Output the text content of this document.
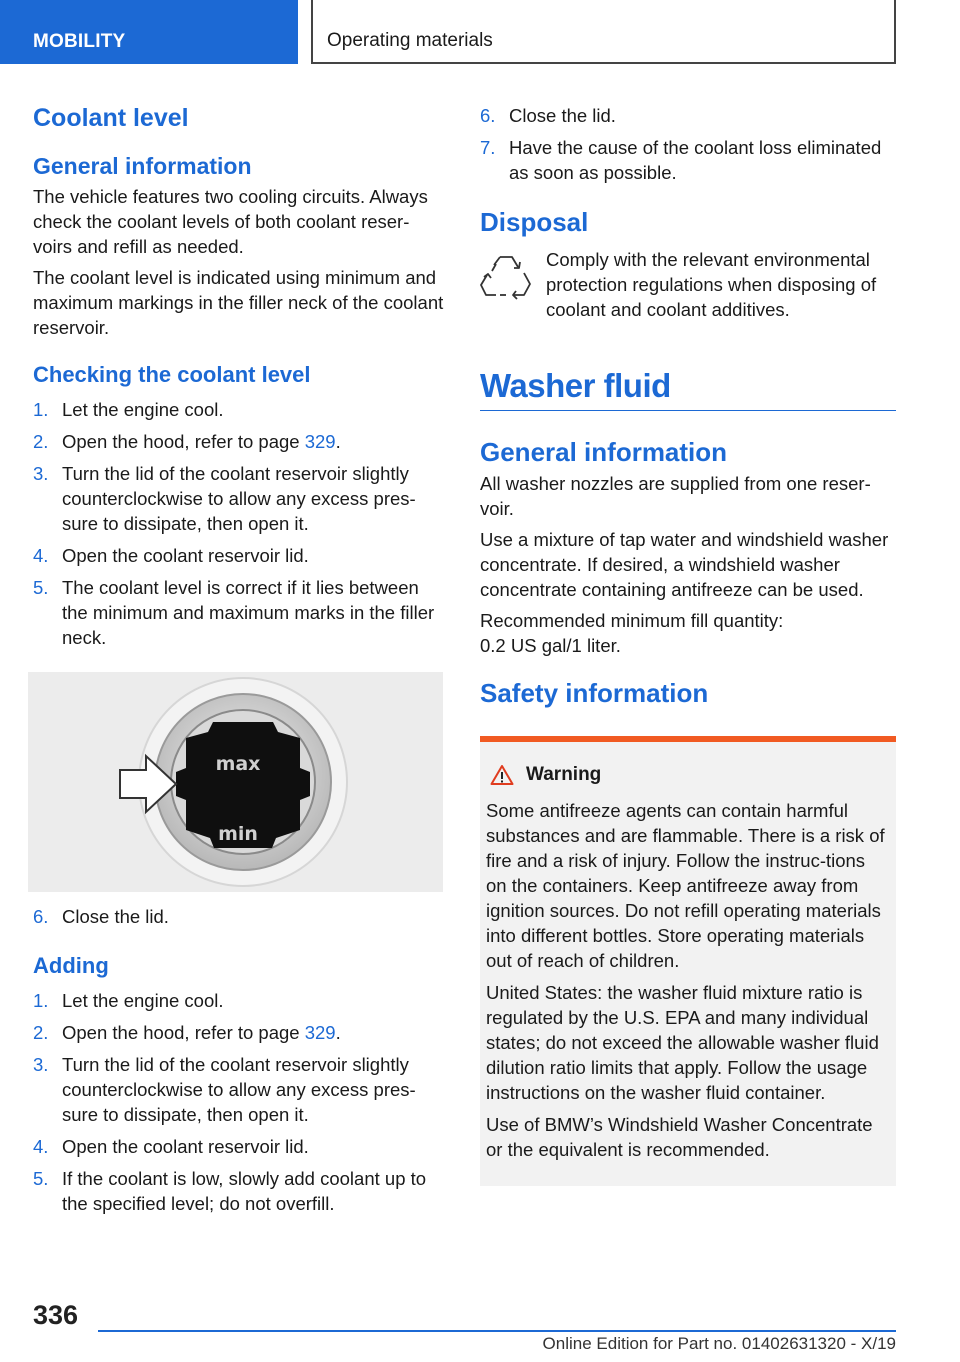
MOBILITY	Operating materials
Coolant level
General information

The vehicle features two cooling circuits. Always check the coolant levels of both coolant reser‐voirs and refill as needed.

The coolant level is indicated using minimum and maximum markings in the filler neck of the coolant reservoir.

Checking the coolant level
1. Let the engine cool.
2. Open the hood, refer to page 329.
3. Turn the lid of the coolant reservoir slightly counterclockwise to allow any excess pres‐sure to dissipate, then open it.
4. Open the coolant reservoir lid.
5. The coolant level is correct if it lies between the minimum and maximum marks in the filler neck.
max
min
6. Close the lid.
Adding
1. Let the engine cool.
2. Open the hood, refer to page 329.
3. Turn the lid of the coolant reservoir slightly counterclockwise to allow any excess pres‐sure to dissipate, then open it.
4. Open the coolant reservoir lid.
5. If the coolant is low, slowly add coolant up to the specified level; do not overfill.
6. Close the lid.
7. Have the cause of the coolant loss eliminated as soon as possible.
Disposal
Comply with the relevant environmental protection regulations when disposing of coolant and coolant additives.
Washer fluid
General information

All washer nozzles are supplied from one reser‐voir.

Use a mixture of tap water and windshield washer concentrate. If desired, a windshield washer concentrate containing antifreeze can be used.

Recommended minimum fill quantity:
0.2 US gal/1 liter.

Safety information
Warning

Some antifreeze agents can contain harmful substances and are flammable. There is a risk of fire and a risk of injury. Follow the instruc‐tions on the containers. Keep antifreeze away from ignition sources. Do not refill operating materials into different bottles. Store operating materials out of reach of children.

United States: the washer fluid mixture ratio is regulated by the U.S. EPA and many individual states; do not exceed the allowable washer fluid dilution ratio limits that apply. Follow the usage instructions on the washer fluid container.

Use of BMW’s Windshield Washer Concentrate or the equivalent is recommended.

336
Online Edition for Part no. 01402631320 - X/19
